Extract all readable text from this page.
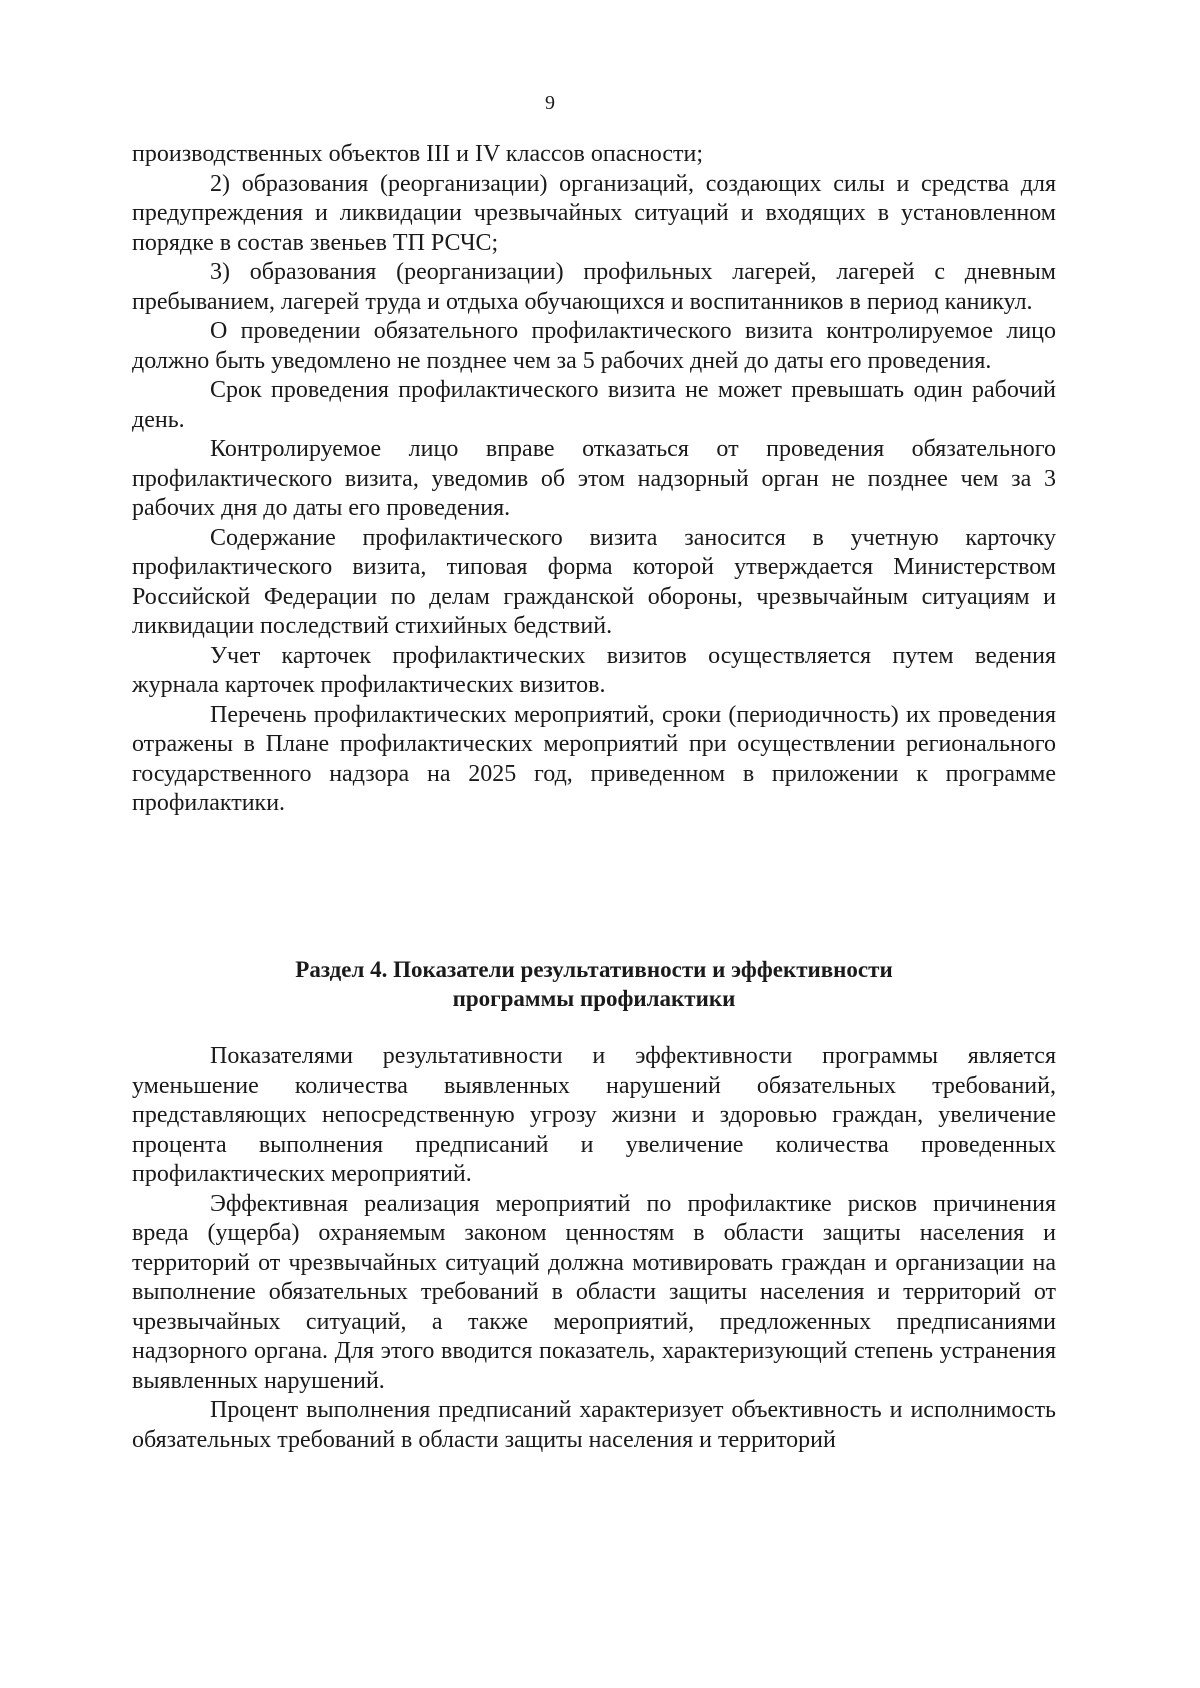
9

производственных объектов III и IV классов опасности;

2) образования (реорганизации) организаций, создающих силы и средства для предупреждения и ликвидации чрезвычайных ситуаций и входящих в установленном порядке в состав звеньев ТП РСЧС;

3) образования (реорганизации) профильных лагерей, лагерей с дневным пребыванием, лагерей труда и отдыха обучающихся и воспитанников в период каникул.

О проведении обязательного профилактического визита контролируемое лицо должно быть уведомлено не позднее чем за 5 рабочих дней до даты его проведения.

Срок проведения профилактического визита не может превышать один рабочий день.

Контролируемое лицо вправе отказаться от проведения обязательного профилактического визита, уведомив об этом надзорный орган не позднее чем за 3 рабочих дня до даты его проведения.

Содержание профилактического визита заносится в учетную карточку профилактического визита, типовая форма которой утверждается Министерством Российской Федерации по делам гражданской обороны, чрезвычайным ситуациям и ликвидации последствий стихийных бедствий.

Учет карточек профилактических визитов осуществляется путем ведения журнала карточек профилактических визитов.

Перечень профилактических мероприятий, сроки (периодичность) их проведения отражены в Плане профилактических мероприятий при осуществлении регионального государственного надзора на 2025 год, приведенном в приложении к программе профилактики.

Раздел 4. Показатели результативности и эффективности
программы профилактики

Показателями результативности и эффективности программы является уменьшение количества выявленных нарушений обязательных требований, представляющих непосредственную угрозу жизни и здоровью граждан, увеличение процента выполнения предписаний и увеличение количества проведенных профилактических мероприятий.

Эффективная реализация мероприятий по профилактике рисков причинения вреда (ущерба) охраняемым законом ценностям в области защиты населения и территорий от чрезвычайных ситуаций должна мотивировать граждан и организации на выполнение обязательных требований в области защиты населения и территорий от чрезвычайных ситуаций, а также мероприятий, предложенных предписаниями надзорного органа. Для этого вводится показатель, характеризующий степень устранения выявленных нарушений.

Процент выполнения предписаний характеризует объективность и исполнимость обязательных требований в области защиты населения и территорий
